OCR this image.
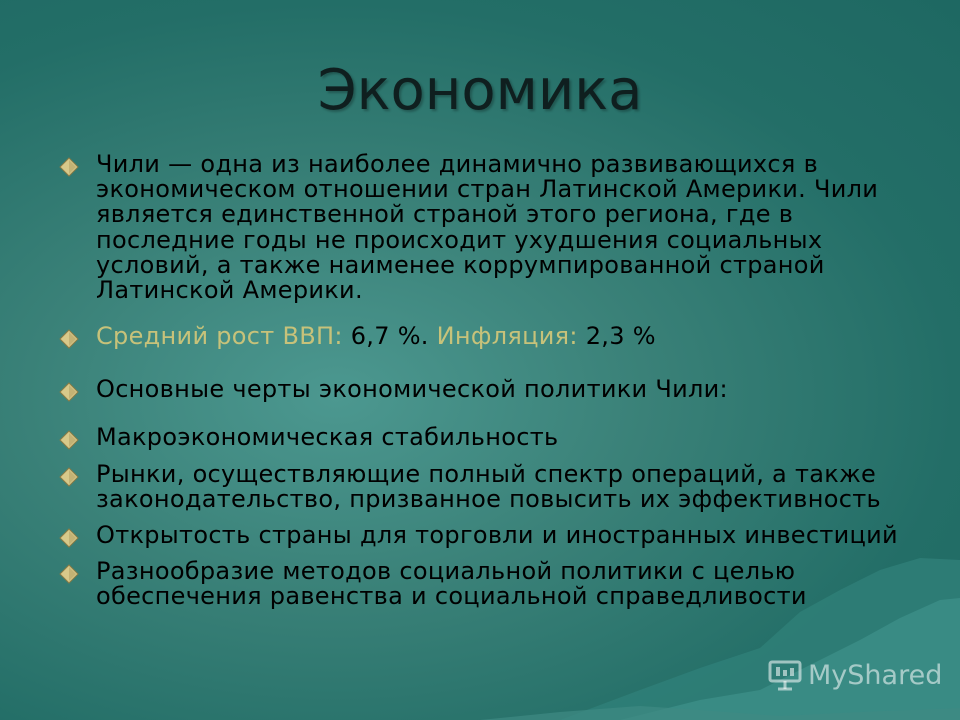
Экономика
Чили — одна из наиболее динамично развивающихся в экономическом отношении стран Латинской Америки. Чили является единственной страной этого региона, где в последние годы не происходит ухудшения социальных условий, а также наименее коррумпированной страной Латинской Америки.
Средний рост ВВП: 6,7 %. Инфляция: 2,3 %
Основные черты экономической политики Чили:
Макроэкономическая стабильность
Рынки, осуществляющие полный спектр операций, а также законодательство, призванное повысить их эффективность
Открытость страны для торговли и иностранных инвестиций
Разнообразие методов социальной политики с целью обеспечения равенства и социальной справедливости
MyShared
